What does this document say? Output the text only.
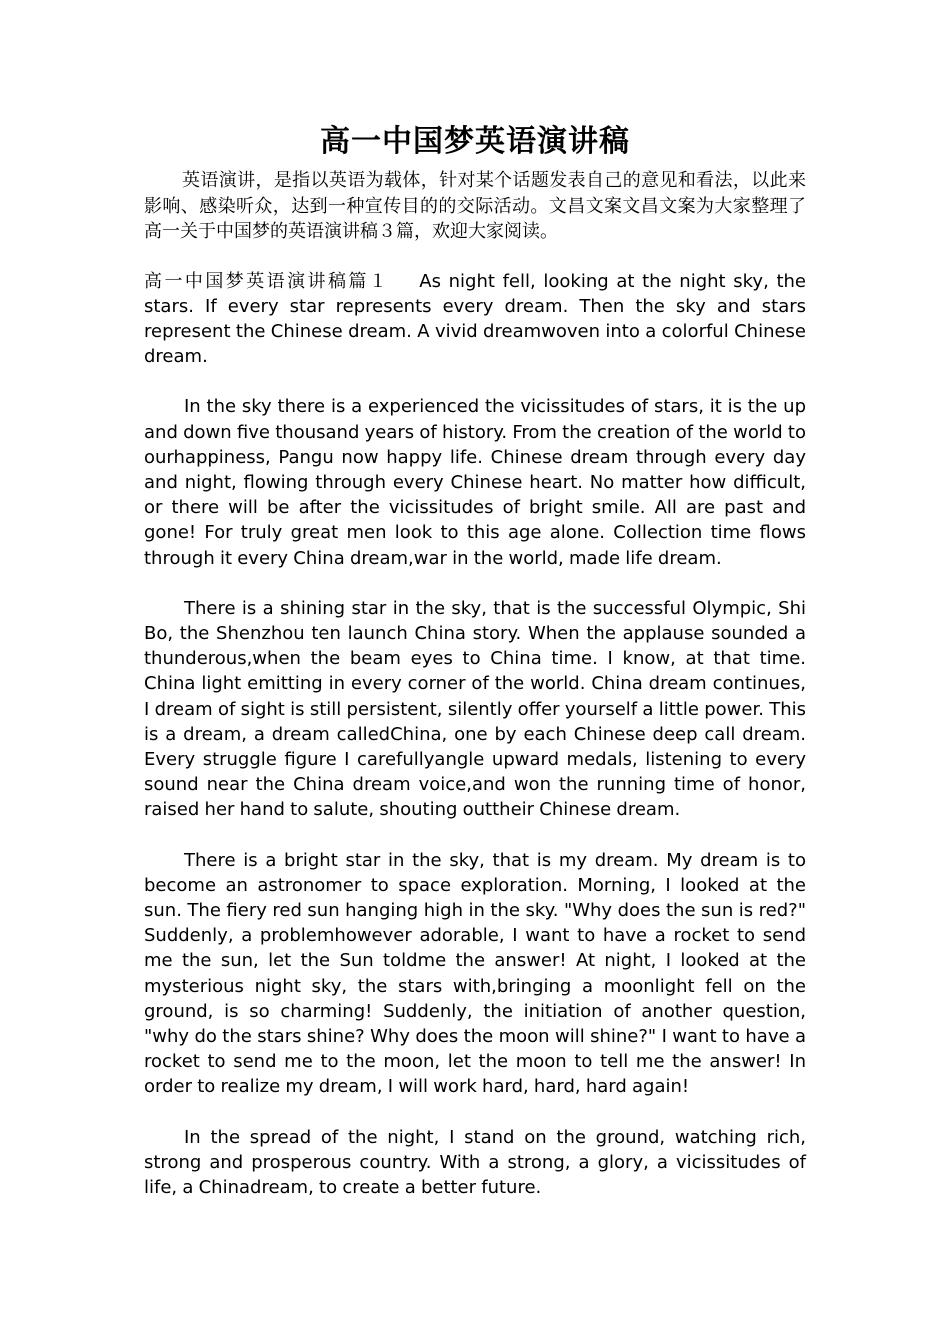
高一中国梦英语演讲稿

英语演讲，是指以英语为载体，针对某个话题发表自己的意见和看法，以此来影响、感染听众，达到一种宣传目的的交际活动。文昌文案文昌文案为大家整理了高一关于中国梦的英语演讲稿３篇，欢迎大家阅读。

高一中国梦英语演讲稿篇１ As night fell, looking at the night sky, the stars. If every star represents every dream. Then the sky and stars represent the Chinese dream. A vivid dreamwoven into a colorful Chinese dream.

In the sky there is a experienced the vicissitudes of stars, it is the up and down five thousand years of history. From the creation of the world to ourhappiness, Pangu now happy life. Chinese dream through every day and night, flowing through every Chinese heart. No matter how difficult, or there will be after the vicissitudes of bright smile. All are past and gone! For truly great men look to this age alone. Collection time flows through it every China dream,war in the world, made life dream.

There is a shining star in the sky, that is the successful Olympic, Shi Bo, the Shenzhou ten launch China story. When the applause sounded a thunderous,when the beam eyes to China time. I know, at that time. China light emitting in every corner of the world. China dream continues, I dream of sight is still persistent, silently offer yourself a little power. This is a dream, a dream calledChina, one by each Chinese deep call dream. Every struggle figure I carefullyangle upward medals, listening to every sound near the China dream voice,and won the running time of honor, raised her hand to salute, shouting outtheir Chinese dream.

There is a bright star in the sky, that is my dream. My dream is to become an astronomer to space exploration. Morning, I looked at the sun. The fiery red sun hanging high in the sky. "Why does the sun is red?" Suddenly, a problemhowever adorable, I want to have a rocket to send me the sun, let the Sun toldme the answer! At night, I looked at the mysterious night sky, the stars with,bringing a moonlight fell on the ground, is so charming! Suddenly, the initiation of another question, "why do the stars shine? Why does the moon will shine?" I want to have a rocket to send me to the moon, let the moon to tell me the answer! In order to realize my dream, I will work hard, hard, hard again!

In the spread of the night, I stand on the ground, watching rich, strong and prosperous country. With a strong, a glory, a vicissitudes of life, a Chinadream, to create a better future.
